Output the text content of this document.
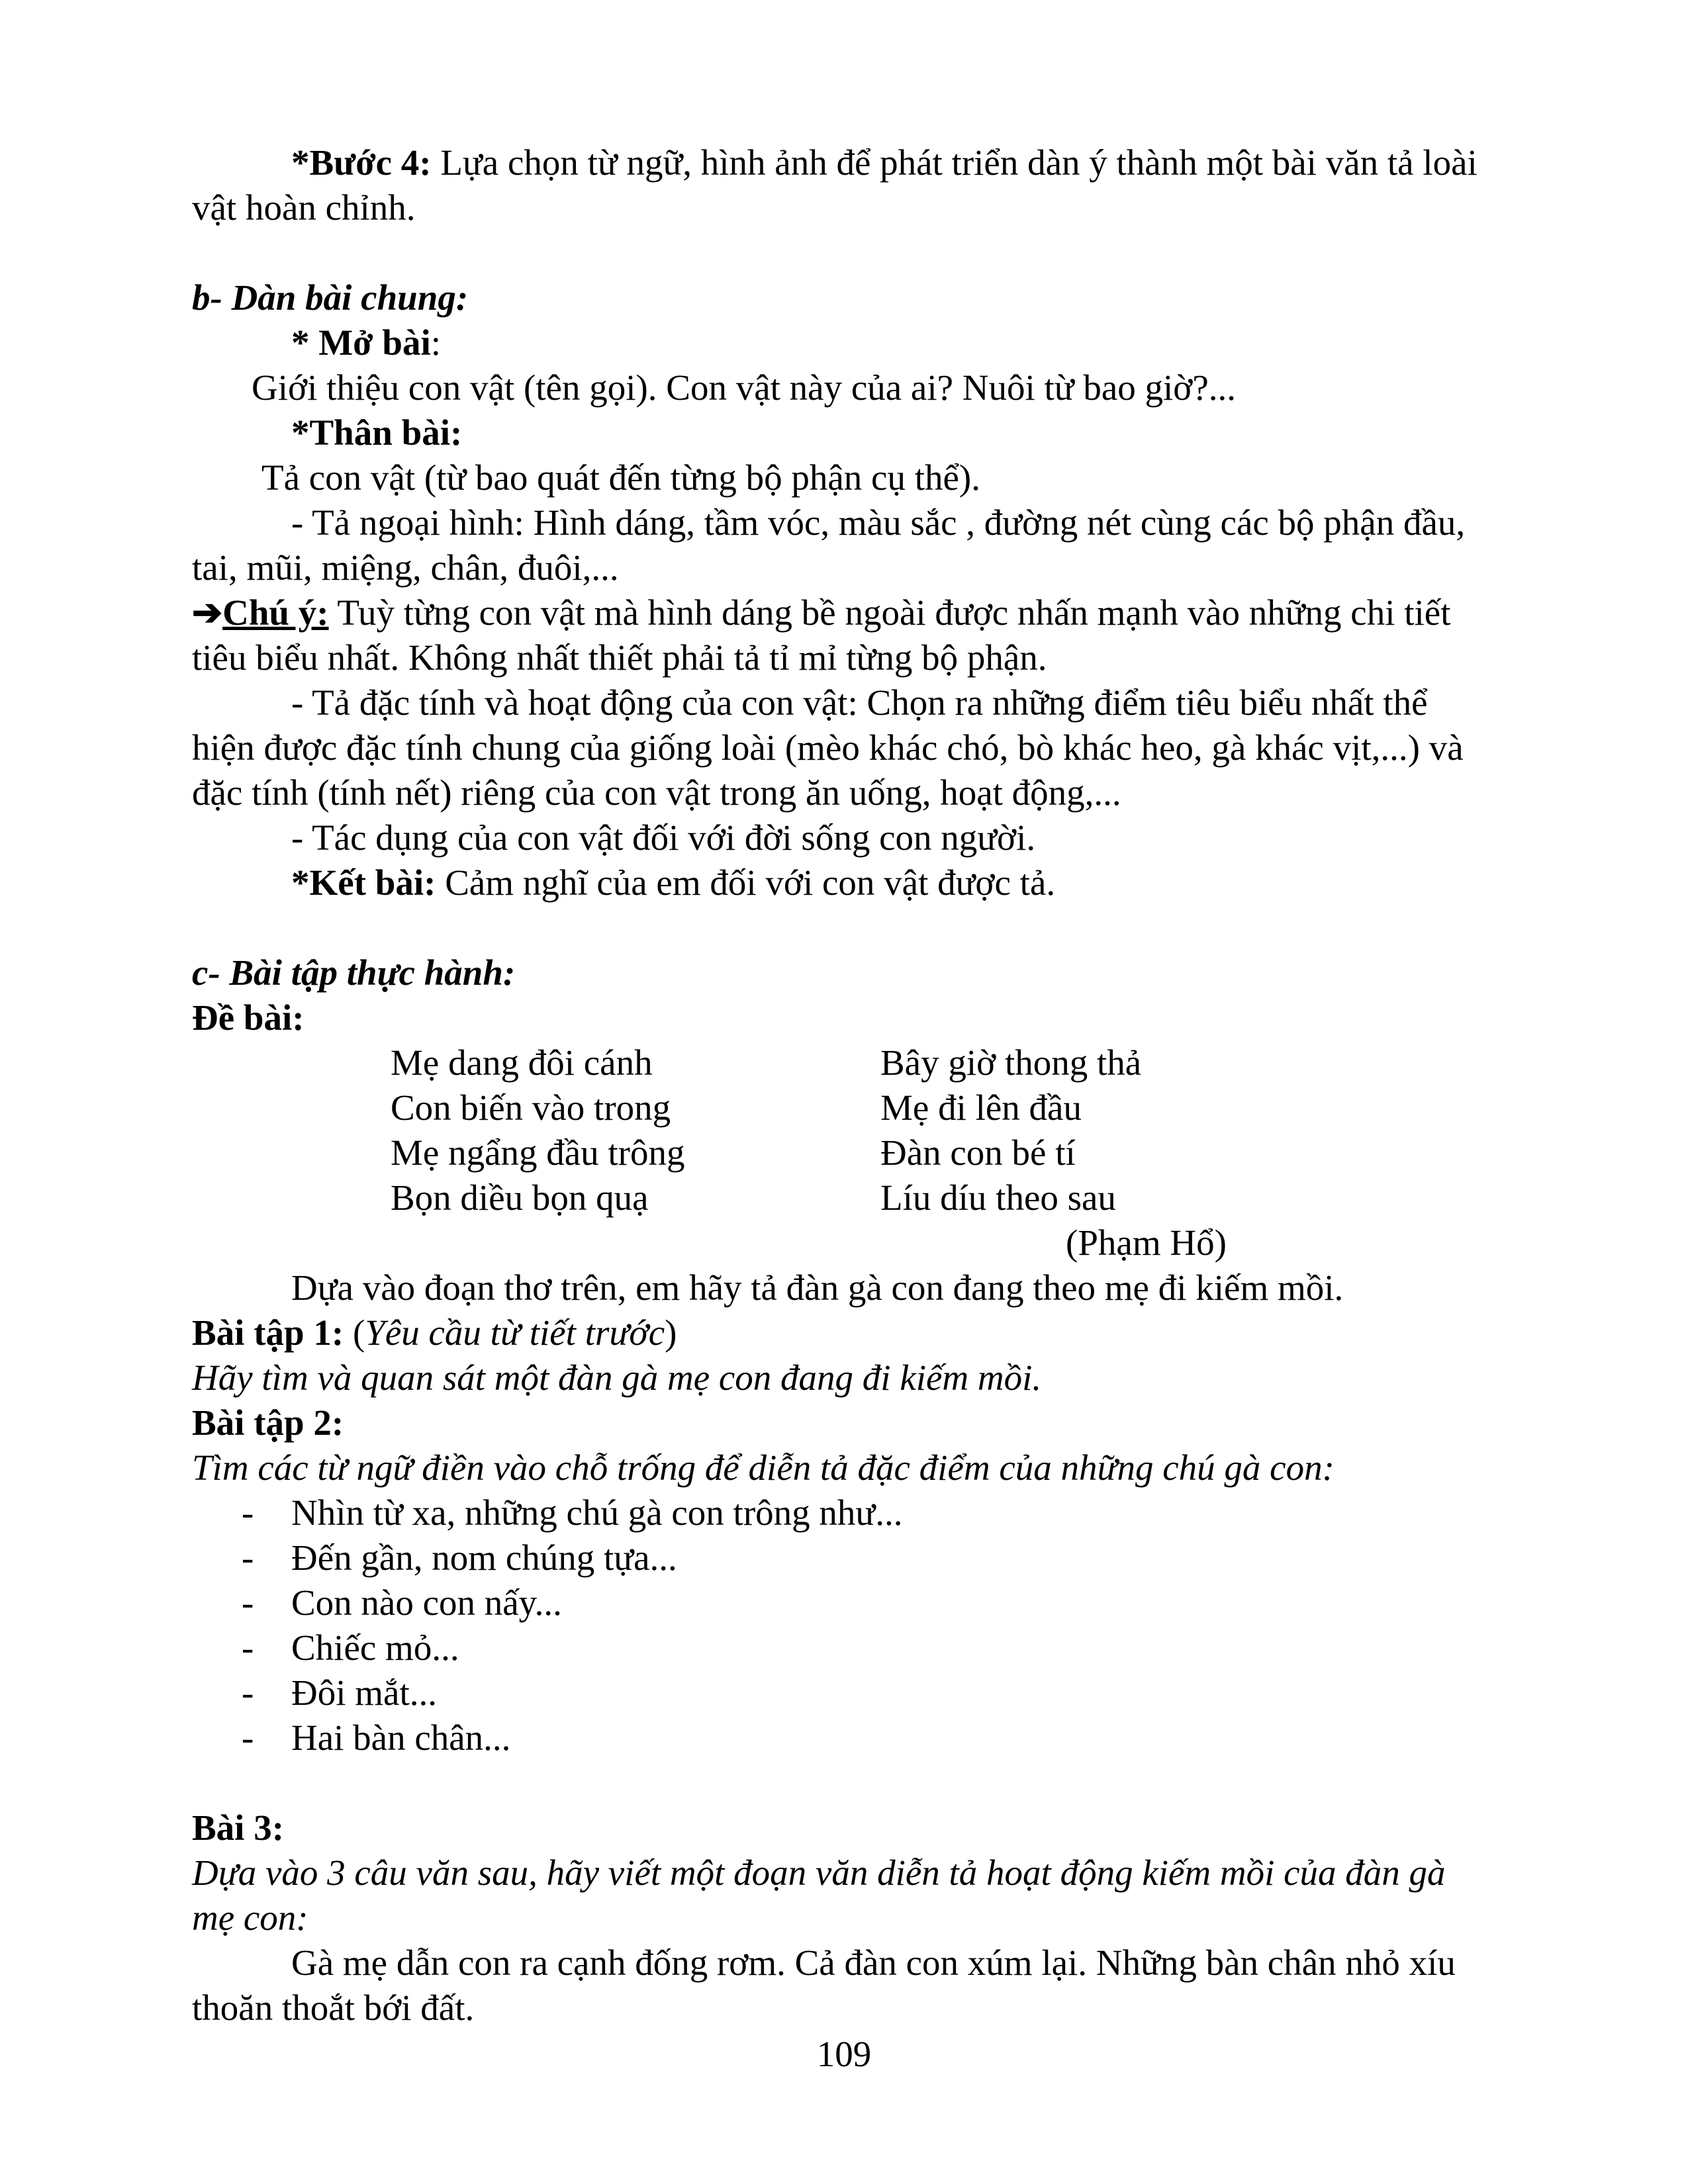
*Bước 4: Lựa chọn từ ngữ, hình ảnh để phát triển dàn ý thành một bài văn tả loài
vật hoàn chỉnh.
b- Dàn bài chung:
* Mở bài:
Giới thiệu con vật (tên gọi). Con vật này của ai? Nuôi từ bao giờ?...
*Thân bài:
Tả con vật (từ bao quát đến từng bộ phận cụ thể).
- Tả ngoại hình: Hình dáng, tầm vóc, màu sắc , đường nét cùng các bộ phận đầu,
tai, mũi, miệng, chân, đuôi,...
➔Chú ý: Tuỳ từng con vật mà hình dáng bề ngoài được nhấn mạnh vào những chi tiết
tiêu biểu nhất. Không nhất thiết phải tả tỉ mỉ từng bộ phận.
- Tả đặc tính và hoạt động của con vật: Chọn ra những điểm tiêu biểu nhất thể
hiện được đặc tính chung của giống loài (mèo khác chó, bò khác heo, gà khác vịt,...) và
đặc tính (tính nết) riêng của con vật trong ăn uống, hoạt động,...
- Tác dụng của con vật đối với đời sống con người.
*Kết bài: Cảm nghĩ của em đối với con vật được tả.
c- Bài tập thực hành:
Đề bài:
Mẹ dang đôi cánh
Con biến vào trong
Mẹ ngẩng đầu trông
Bọn diều bọn quạ
Bây giờ thong thả
Mẹ đi lên đầu
Đàn con bé tí
Líu díu theo sau
(Phạm Hổ)
Dựa vào đoạn thơ trên, em hãy tả đàn gà con đang theo mẹ đi kiếm mồi.
Bài tập 1: (Yêu cầu từ tiết trước)
Hãy tìm và quan sát một đàn gà mẹ con đang đi kiếm mồi.
Bài tập 2:
Tìm các từ ngữ điền vào chỗ trống để diễn tả đặc điểm của những chú gà con:
-	Nhìn từ xa, những chú gà con trông như...
-	Đến gần, nom chúng tựa...
-	Con nào con nấy...
-	Chiếc mỏ...
-	Đôi mắt...
-	Hai bàn chân...
Bài 3:
Dựa vào 3 câu văn sau, hãy viết một đoạn văn diễn tả hoạt động kiếm mồi của đàn gà
mẹ con:
Gà mẹ dẫn con ra cạnh đống rơm. Cả đàn con xúm lại. Những bàn chân nhỏ xíu
thoăn thoắt bới đất.
109
